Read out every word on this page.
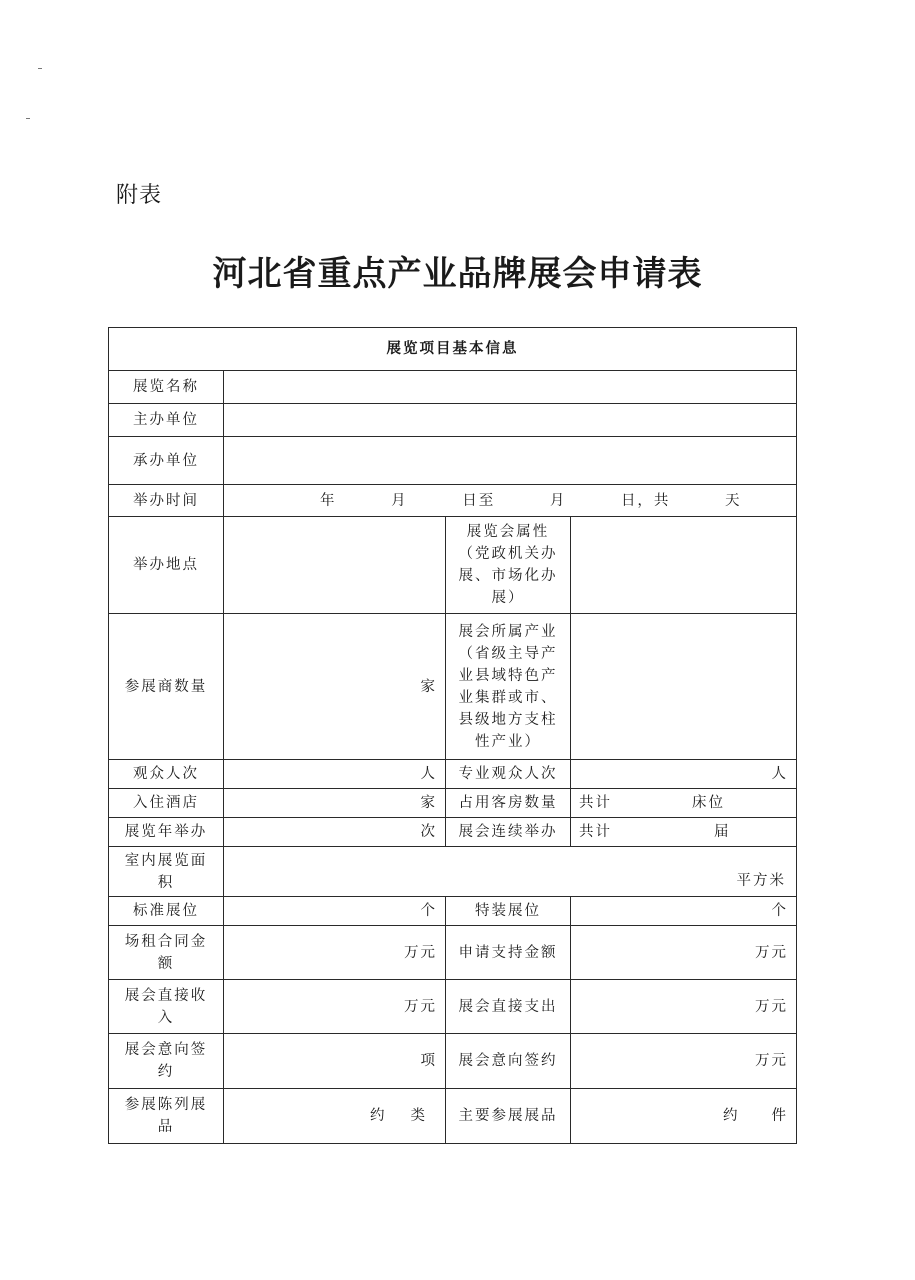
附表
河北省重点产业品牌展会申请表
展览项目基本信息			
展览名称			
主办单位			
承办单位			
举办时间	年 月 日至 月 日，共 天		
举办地点		展览会属性（党政机关办展、市场化办展）	
参展商数量	家	展会所属产业（省级主导产业县域特色产业集群或市、县级地方支柱性产业）	
观众人次	人	专业观众人次	人
入住酒店	家	占用客房数量	共计 床位
展览年举办	次	展会连续举办	共计 届
室内展览面积	平方米		

标准展位	个	特装展位	个
场租合同金额	万元	申请支持金额	万元
展会直接收入	万元	展会直接支出	万元
展会意向签约	项	展会意向签约	万元
参展陈列展品	约 类	主要参展展品	约 件
